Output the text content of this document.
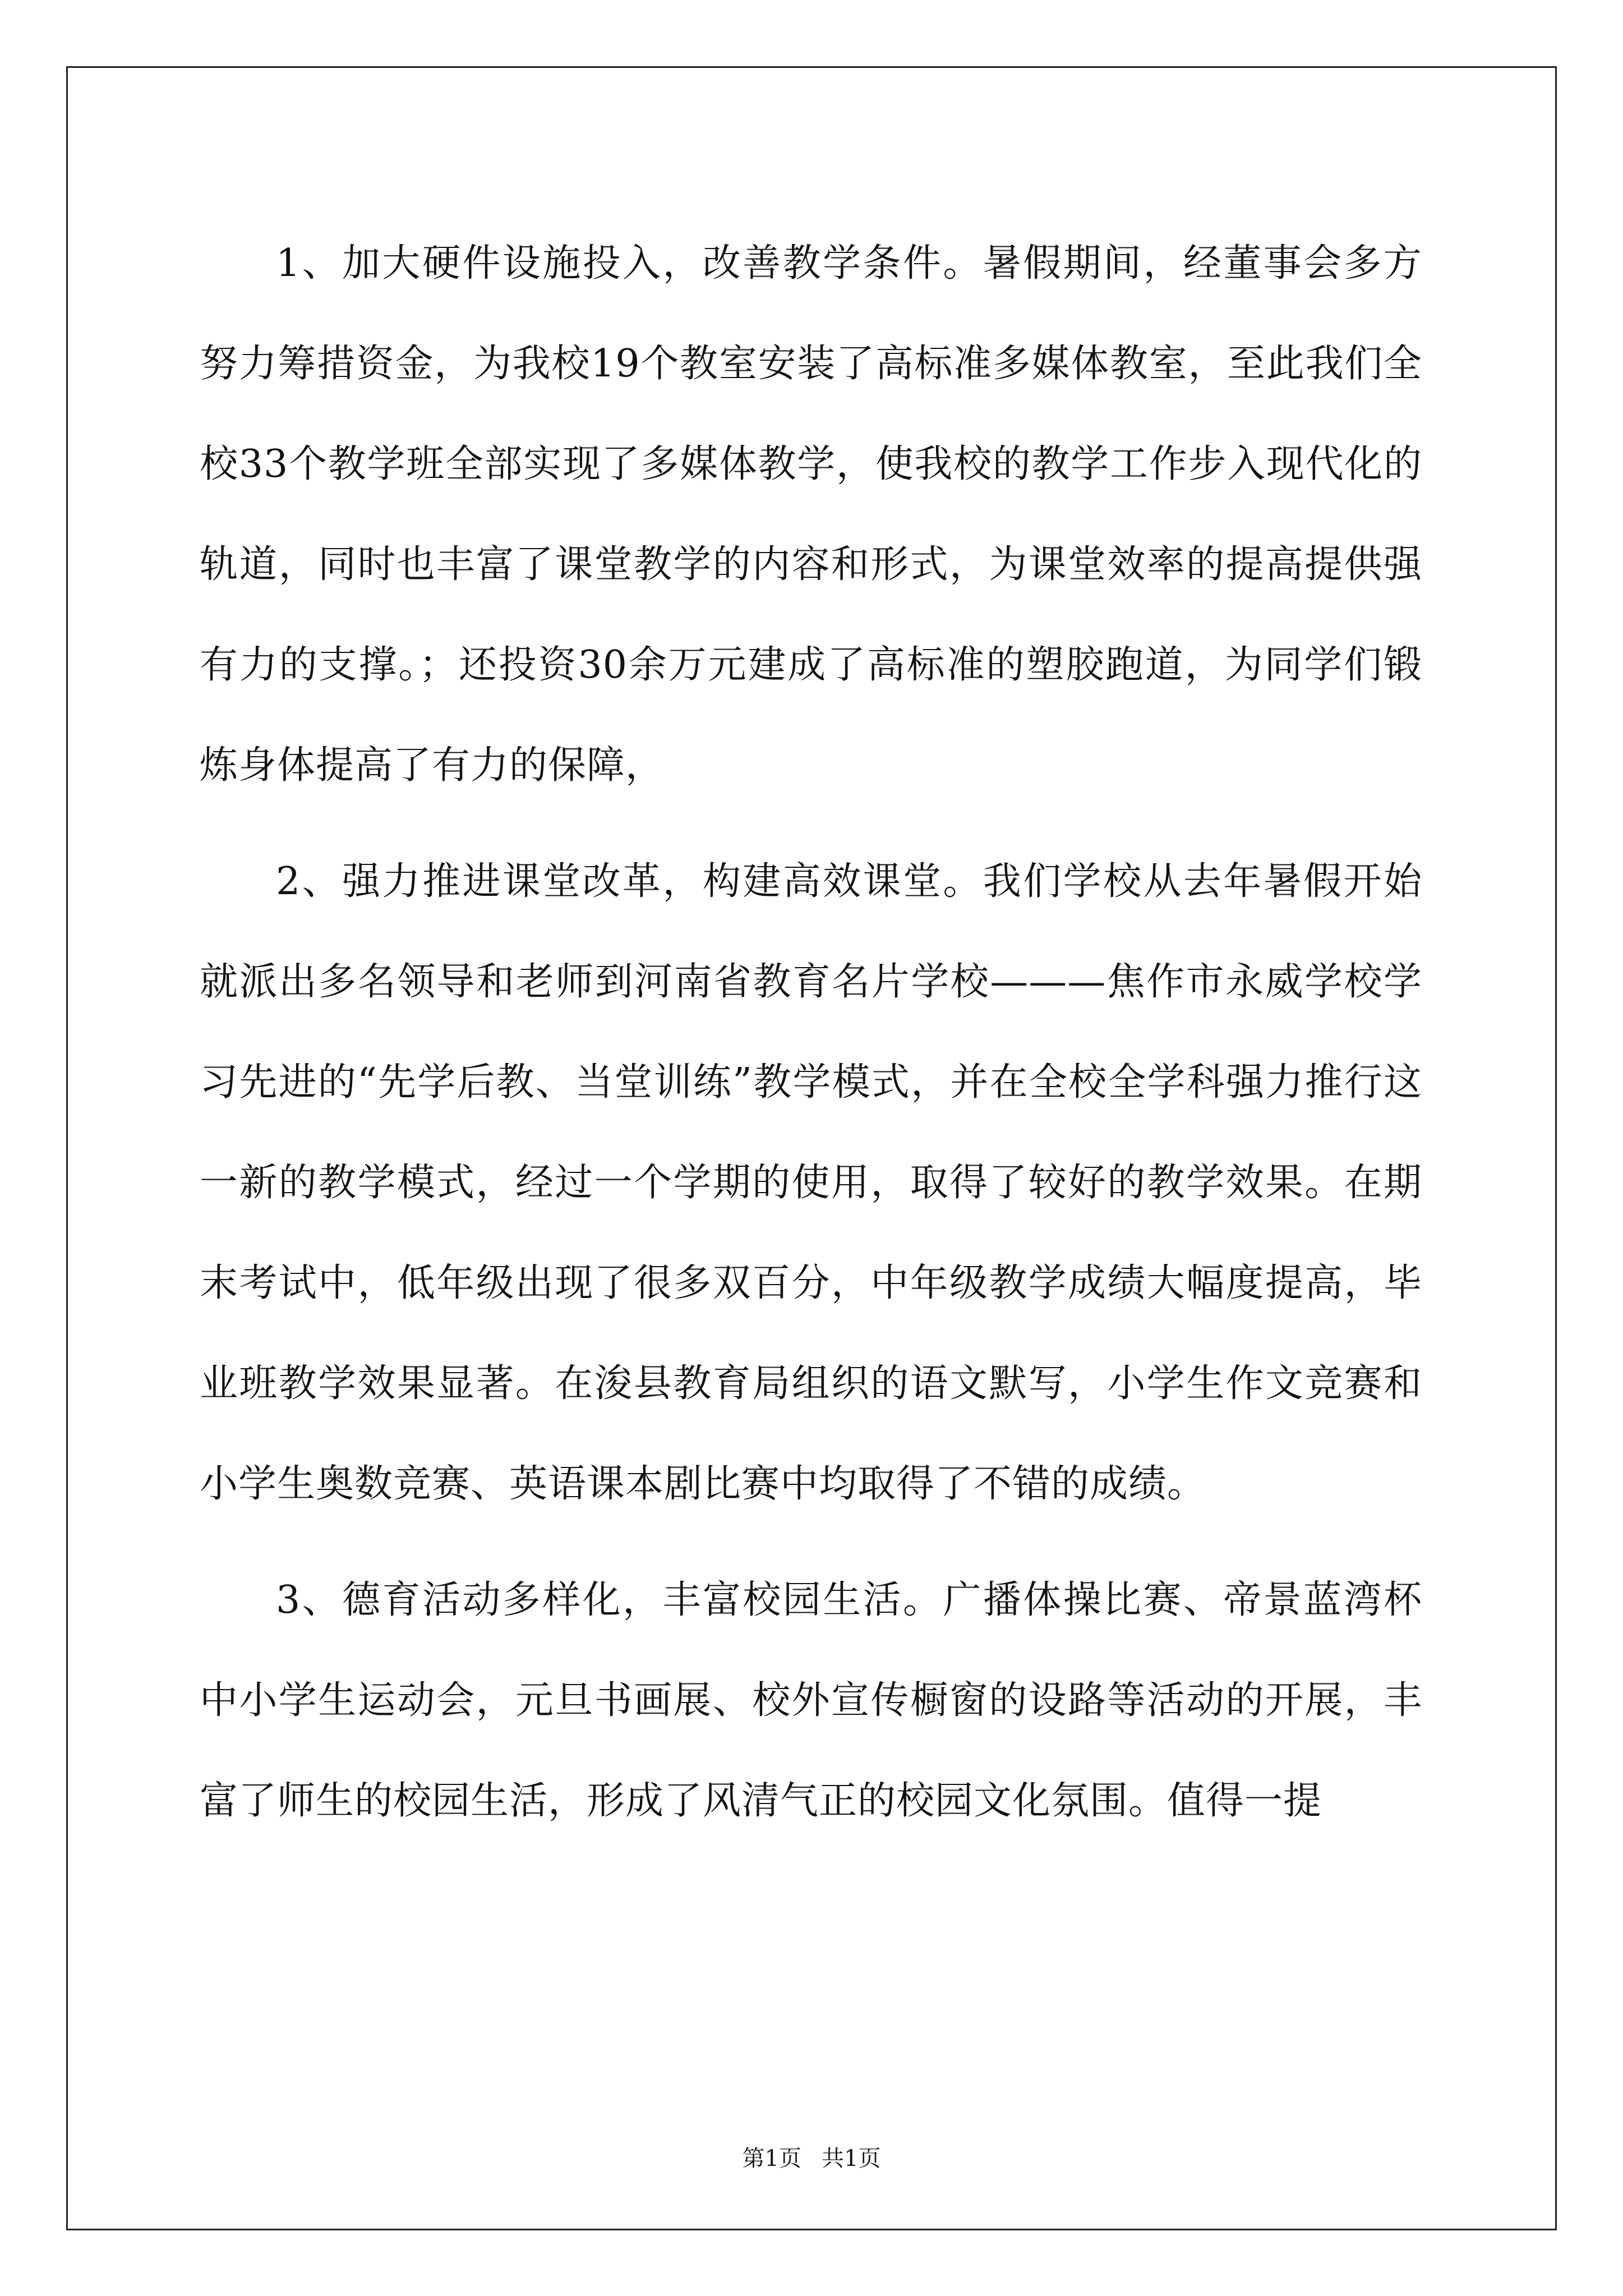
1、加大硬件设施投入，改善教学条件。暑假期间，经董事会多方努力筹措资金，为我校19个教室安装了高标准多媒体教室，至此我们全校33个教学班全部实现了多媒体教学，使我校的教学工作步入现代化的轨道，同时也丰富了课堂教学的内容和形式，为课堂效率的提高提供强有力的支撑。；还投资30余万元建成了高标准的塑胶跑道，为同学们锻炼身体提高了有力的保障，

2、强力推进课堂改革，构建高效课堂。我们学校从去年暑假开始就派出多名领导和老师到河南省教育名片学校———焦作市永威学校学习先进的“先学后教、当堂训练”教学模式，并在全校全学科强力推行这一新的教学模式，经过一个学期的使用，取得了较好的教学效果。在期末考试中，低年级出现了很多双百分，中年级教学成绩大幅度提高，毕业班教学效果显著。在浚县教育局组织的语文默写，小学生作文竞赛和小学生奥数竞赛、英语课本剧比赛中均取得了不错的成绩。

3、德育活动多样化，丰富校园生活。广播体操比赛、帝景蓝湾杯中小学生运动会，元旦书画展、校外宣传橱窗的设路等活动的开展，丰富了师生的校园生活，形成了风清气正的校园文化氛围。值得一提

第1页 共1页
